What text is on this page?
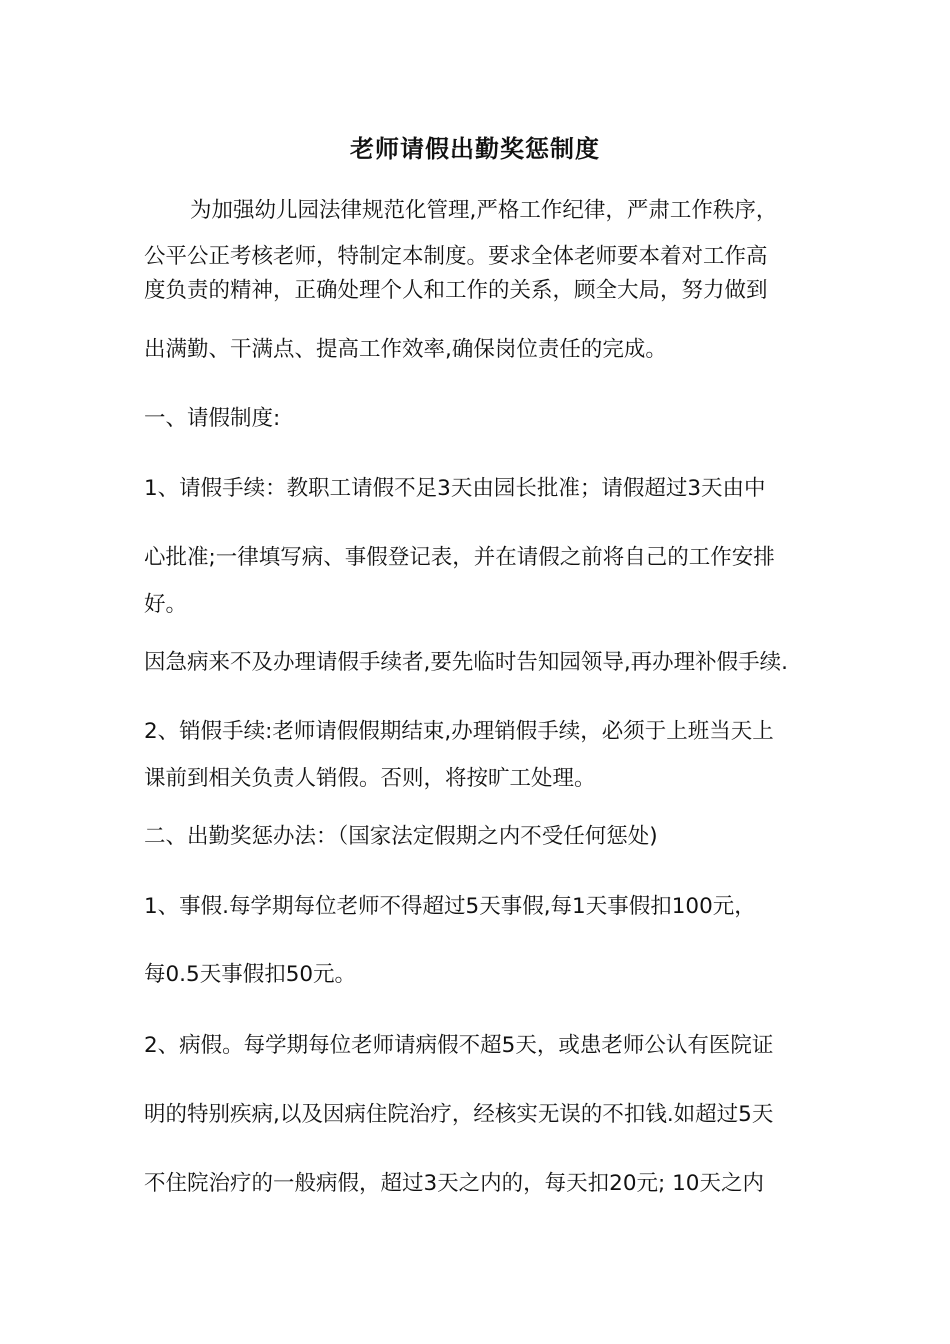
老师请假出勤奖惩制度

为加强幼儿园法律规范化管理,严格工作纪律，严肃工作秩序，

公平公正考核老师，特制定本制度。要求全体老师要本着对工作高

度负责的精神，正确处理个人和工作的关系，顾全大局，努力做到

出满勤、干满点、提高工作效率,确保岗位责任的完成。

一、请假制度:

1、请假手续：教职工请假不足3天由园长批准；请假超过3天由中

心批准;一律填写病、事假登记表，并在请假之前将自己的工作安排

好。

因急病来不及办理请假手续者,要先临时告知园领导,再办理补假手续.

2、销假手续:老师请假假期结束,办理销假手续，必须于上班当天上

课前到相关负责人销假。否则，将按旷工处理。

二、出勤奖惩办法：（国家法定假期之内不受任何惩处)

1、事假.每学期每位老师不得超过5天事假,每1天事假扣100元，

每0.5天事假扣50元。

2、病假。每学期每位老师请病假不超5天，或患老师公认有医院证

明的特别疾病,以及因病住院治疗，经核实无误的不扣钱.如超过5天

不住院治疗的一般病假，超过3天之内的，每天扣20元; 10天之内
